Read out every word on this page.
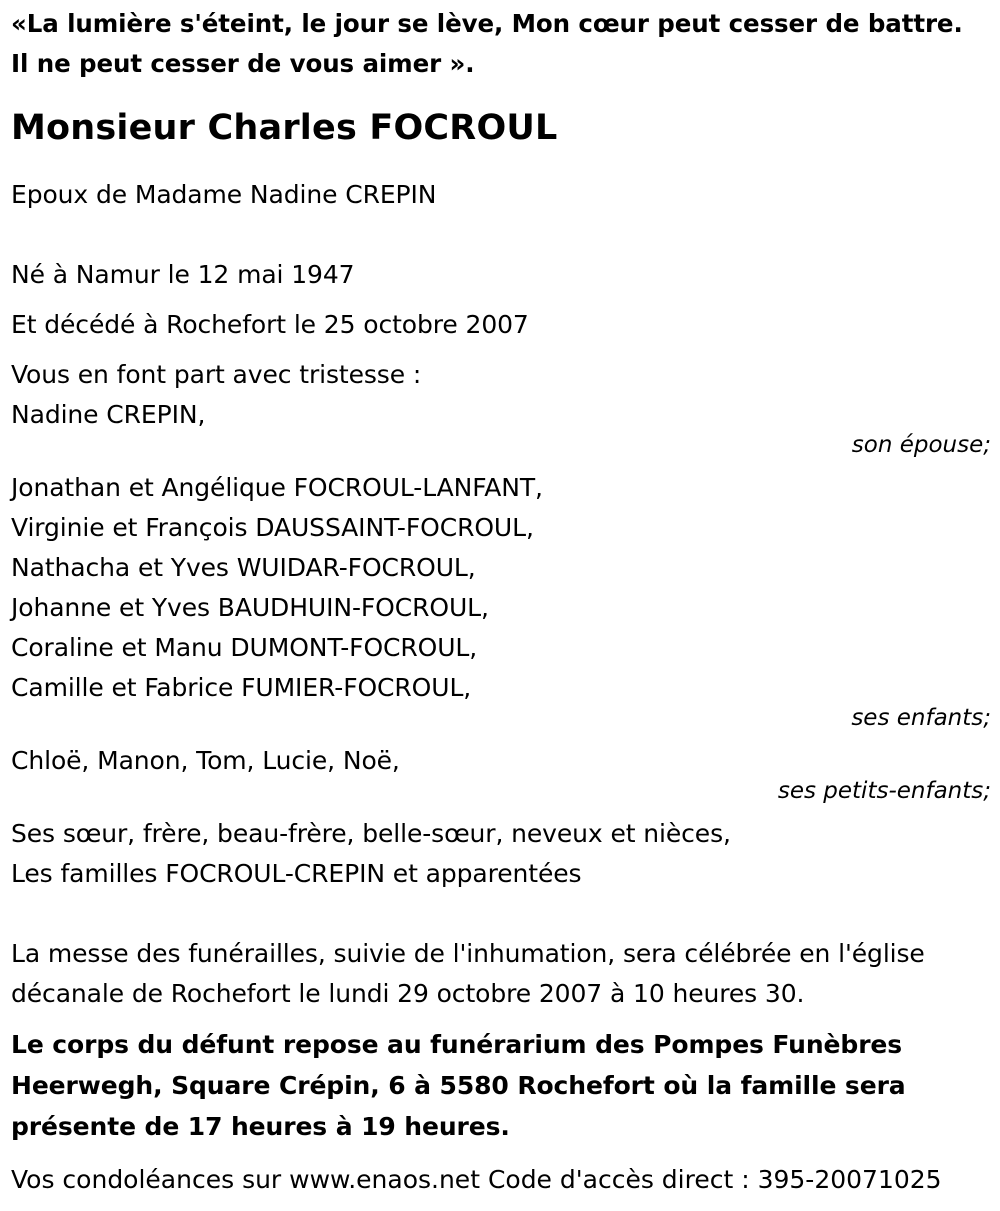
«La lumière s'éteint, le jour se lève, Mon cœur peut cesser de battre.
Il ne peut cesser de vous aimer ».
Monsieur Charles FOCROUL
Epoux de Madame Nadine CREPIN
Né à Namur le 12 mai 1947
Et décédé à Rochefort le 25 octobre 2007
Vous en font part avec tristesse :
Nadine CREPIN,
son épouse;
Jonathan et Angélique FOCROUL-LANFANT,
Virginie et François DAUSSAINT-FOCROUL,
Nathacha et Yves WUIDAR-FOCROUL,
Johanne et Yves BAUDHUIN-FOCROUL,
Coraline et Manu DUMONT-FOCROUL,
Camille et Fabrice FUMIER-FOCROUL,
ses enfants;
Chloë, Manon, Tom, Lucie, Noë,
ses petits-enfants;
Ses sœur, frère, beau-frère, belle-sœur, neveux et nièces,
Les familles FOCROUL-CREPIN et apparentées
La messe des funérailles, suivie de l'inhumation, sera célébrée en l'église
décanale de Rochefort le lundi 29 octobre 2007 à 10 heures 30.
Le corps du défunt repose au funérarium des Pompes Funèbres
Heerwegh, Square Crépin, 6 à 5580 Rochefort où la famille sera
présente de 17 heures à 19 heures.
Vos condoléances sur www.enaos.net Code d'accès direct : 395-20071025
